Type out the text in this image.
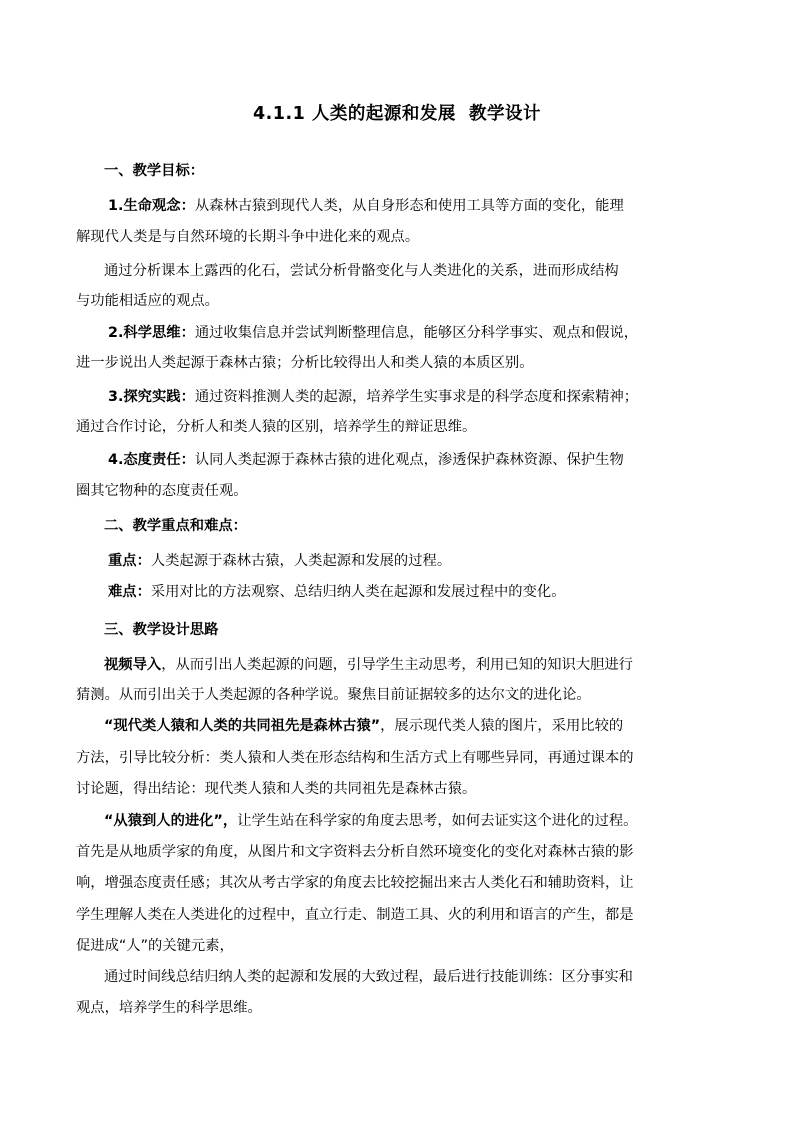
4.1.1 人类的起源和发展  教学设计
一、教学目标：
1.生命观念：从森林古猿到现代人类，从自身形态和使用工具等方面的变化，能理
解现代人类是与自然环境的长期斗争中进化来的观点。
通过分析课本上露西的化石，尝试分析骨骼变化与人类进化的关系，进而形成结构
与功能相适应的观点。
2.科学思维：通过收集信息并尝试判断整理信息，能够区分科学事实、观点和假说，
进一步说出人类起源于森林古猿；分析比较得出人和类人猿的本质区别。
3.探究实践：通过资料推测人类的起源，培养学生实事求是的科学态度和探索精神；
通过合作讨论，分析人和类人猿的区别，培养学生的辩证思维。
4.态度责任：认同人类起源于森林古猿的进化观点，渗透保护森林资源、保护生物
圈其它物种的态度责任观。
二、教学重点和难点：
重点：人类起源于森林古猿，人类起源和发展的过程。
难点：采用对比的方法观察、总结归纳人类在起源和发展过程中的变化。
三、教学设计思路
视频导入，从而引出人类起源的问题，引导学生主动思考，利用已知的知识大胆进行
猜测。从而引出关于人类起源的各种学说。聚焦目前证据较多的达尔文的进化论。
“现代类人猿和人类的共同祖先是森林古猿”，展示现代类人猿的图片，采用比较的
方法，引导比较分析：类人猿和人类在形态结构和生活方式上有哪些异同，再通过课本的
讨论题，得出结论：现代类人猿和人类的共同祖先是森林古猿。
“从猿到人的进化”，让学生站在科学家的角度去思考，如何去证实这个进化的过程。
首先是从地质学家的角度，从图片和文字资料去分析自然环境变化的变化对森林古猿的影
响，增强态度责任感；其次从考古学家的角度去比较挖掘出来古人类化石和辅助资料，让
学生理解人类在人类进化的过程中，直立行走、制造工具、火的利用和语言的产生，都是
促进成“人”的关键元素，
通过时间线总结归纳人类的起源和发展的大致过程，最后进行技能训练：区分事实和
观点，培养学生的科学思维。
